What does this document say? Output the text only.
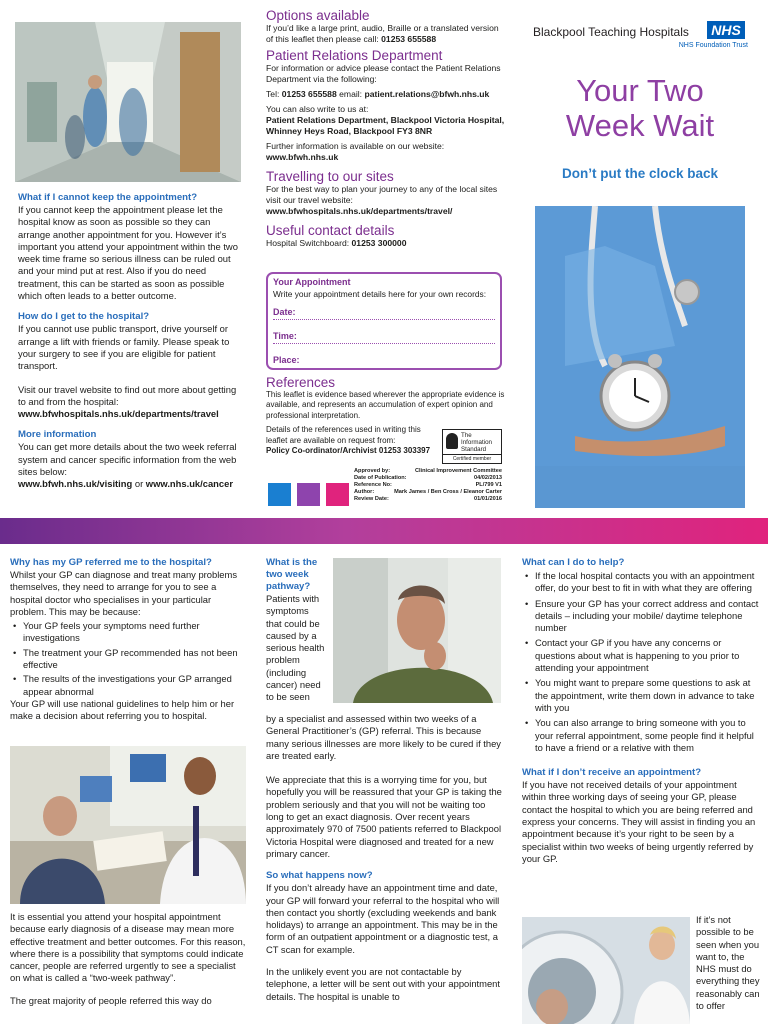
What if I cannot keep the appointment?

If you cannot keep the appointment please let the hospital know as soon as possible so they can arrange another appointment for you. However it’s important you attend your appointment within the two week time frame so serious illness can be ruled out and your mind put at rest. Also if you do need treatment, this can be started as soon as possible which often leads to a better outcome.

How do I get to the hospital?

If you cannot use public transport, drive yourself or arrange a lift with friends or family. Please speak to your surgery to see if you are eligible for patient transport.

Visit our travel website to find out more about getting to and from the hospital:

www.bfwhospitals.nhs.uk/departments/travel

More information

You can get more details about the two week referral system and cancer specific information from the web sites below:

www.bfwh.nhs.uk/visiting or www.nhs.uk/cancer

Options available

If you’d like a large print, audio, Braille or a translated version of this leaflet then please call: 01253 655588

Patient Relations Department

For information or advice please contact the Patient Relations Department via the following:

Tel: 01253 655588 email: patient.relations@bfwh.nhs.uk

You can also write to us at:

Patient Relations Department, Blackpool Victoria Hospital, Whinney Heys Road, Blackpool FY3 8NR

Further information is available on our website:

www.bfwh.nhs.uk

Travelling to our sites

For the best way to plan your journey to any of the local sites visit our travel website:

www.bfwhospitals.nhs.uk/departments/travel/

Useful contact details

Hospital Switchboard: 01253 300000

Your Appointment

Write your appointment details here for your own records:

Date:
Time:
Place:
References

This leaflet is evidence based wherever the appropriate evidence is available, and represents an accumulation of expert opinion and professional interpretation.

Details of the references used in writing this leaflet are available on request from:

Policy Co-ordinator/Archivist 01253 303397

The
Information
Standard
Certified member
Approved by:	Clinical Improvement Committee
Date of Publication:	04/02/2013
Reference No:	PL/799 V1
Author:	Mark James / Ben Cross / Eleanor Carter
Review Date:	01/01/2016
Blackpool Teaching Hospitals	NHS
NHS Foundation Trust
Your Two
Week Wait
Don’t put the clock back
Why has my GP referred me to the hospital?

Whilst your GP can diagnose and treat many problems themselves, they need to arrange for you to see a hospital doctor who specialises in your particular problem. This may be because:

• Your GP feels your symptoms need further investigations
• The treatment your GP recommended has not been effective
• The results of the investigations your GP arranged appear abnormal

Your GP will use national guidelines to help him or her make a decision about referring you to hospital.

It is essential you attend your hospital appointment because early diagnosis of a disease may mean more effective treatment and better outcomes. For this reason, where there is a possibility that symptoms could indicate cancer, people are referred urgently to see a specialist on what is called a “two-week pathway”.

The great majority of people referred this way do

What is the two week pathway?

Patients with symptoms that could be caused by a serious health problem (including cancer) need to be seen

by a specialist and assessed within two weeks of a General Practitioner’s (GP) referral. This is because many serious illnesses are more likely to be cured if they are treated early.

We appreciate that this is a worrying time for you, but hopefully you will be reassured that your GP is taking the problem seriously and that you will not be waiting too long to get an exact diagnosis. Over recent years approximately 970 of 7500 patients referred to Blackpool Victoria Hospital were diagnosed and treated for a new primary cancer.

So what happens now?

If you don’t already have an appointment time and date, your GP will forward your referral to the hospital who will then contact you shortly (excluding weekends and bank holidays) to arrange an appointment. This may be in the form of an outpatient appointment or a diagnostic test, a CT scan for example.

In the unlikely event you are not contactable by telephone, a letter will be sent out with your appointment details. The hospital is unable to

What can I do to help?
• If the local hospital contacts you with an appointment offer, do your best to fit in with what they are offering
• Ensure your GP has your correct address and contact details – including your mobile/ daytime telephone number
• Contact your GP if you have any concerns or questions about what is happening to you prior to attending your appointment
• You might want to prepare some questions to ask at the appointment, write them down in advance to take with you
• You can also arrange to bring someone with you to your referral appointment, some people find it helpful to have a friend or a relative with them
What if I don’t receive an appointment?

If you have not received details of your appointment within three working days of seeing your GP, please contact the hospital to which you are being referred and express your concerns. They will assist in finding you an appointment because it’s your right to be seen by a specialist within two weeks of being urgently referred by your GP.

If it’s not possible to be seen when you want to, the NHS must do everything they reasonably can to offer
